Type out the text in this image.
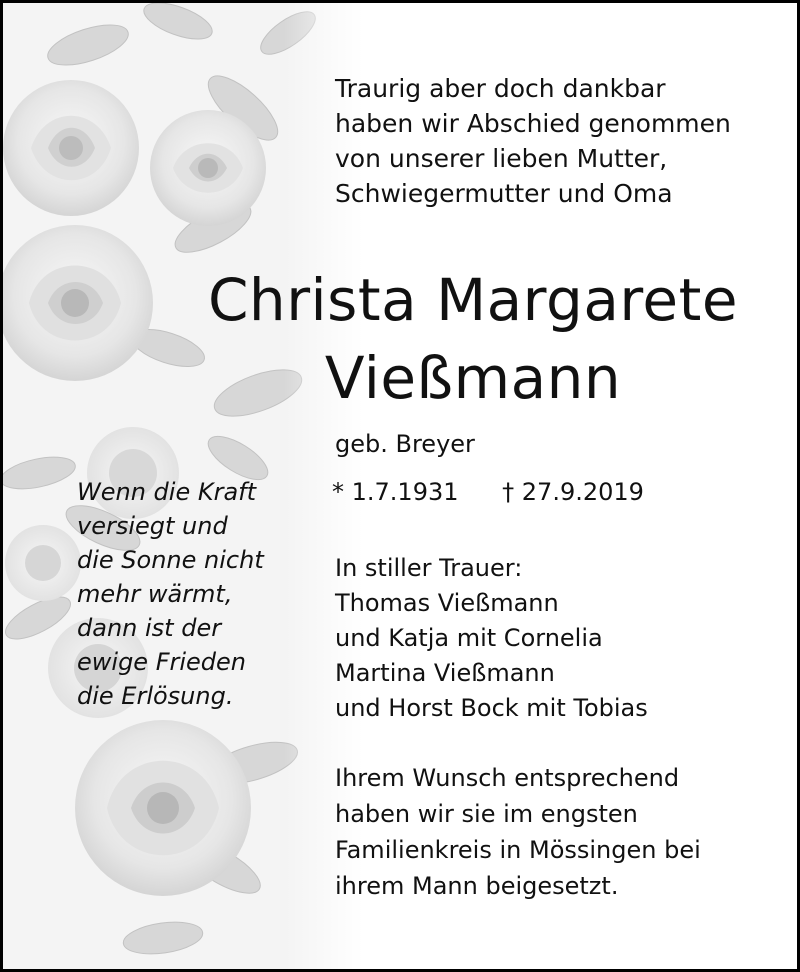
Traurig aber doch dankbar
haben wir Abschied genommen
von unserer lieben Mutter,
Schwiegermutter und Oma
Christa Margarete
Vießmann
geb. Breyer
* 1.7.1931 † 27.9.2019
Wenn die Kraft
versiegt und
die Sonne nicht
mehr wärmt,
dann ist der
ewige Frieden
die Erlösung.
In stiller Trauer:
Thomas Vießmann
und Katja mit Cornelia
Martina Vießmann
und Horst Bock mit Tobias
Ihrem Wunsch entsprechend
haben wir sie im engsten
Familienkreis in Mössingen bei
ihrem Mann beigesetzt.
